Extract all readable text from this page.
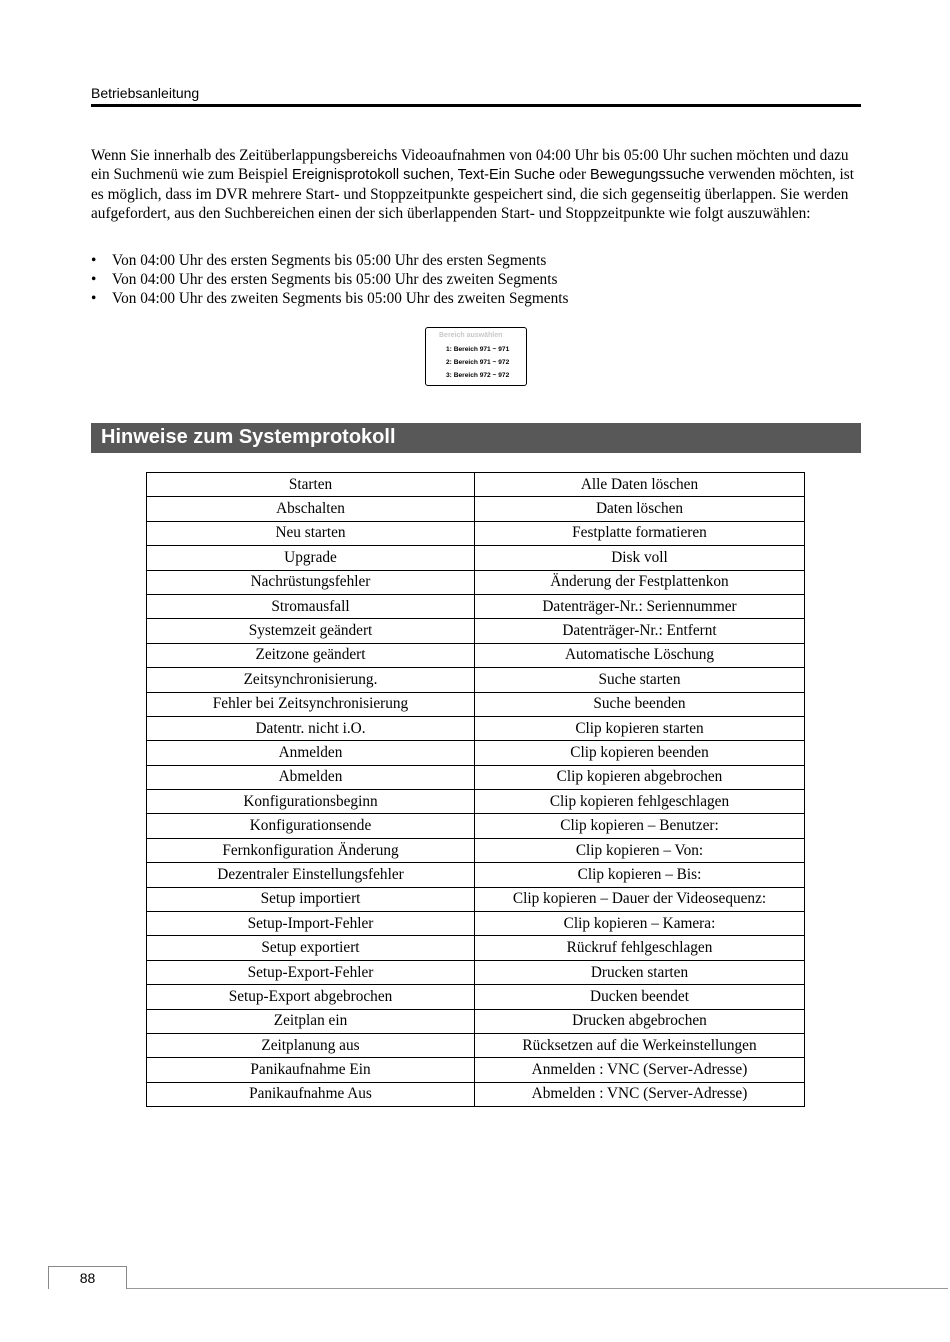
Betriebsanleitung
Wenn Sie innerhalb des Zeitüberlappungsbereichs Videoaufnahmen von 04:00 Uhr bis 05:00 Uhr suchen möchten und dazu ein Suchmenü wie zum Beispiel Ereignisprotokoll suchen, Text-Ein Suche oder Bewegungssuche verwenden möchten, ist es möglich, dass im DVR mehrere Start- und Stoppzeitpunkte gespeichert sind, die sich gegenseitig überlappen. Sie werden aufgefordert, aus den Suchbereichen einen der sich überlappenden Start- und Stoppzeitpunkte wie folgt auszuwählen:
• Von 04:00 Uhr des ersten Segments bis 05:00 Uhr des ersten Segments
• Von 04:00 Uhr des ersten Segments bis 05:00 Uhr des zweiten Segments
• Von 04:00 Uhr des zweiten Segments bis 05:00 Uhr des zweiten Segments
Bereich auswählen
1: Bereich 971 ~ 971
2: Bereich 971 ~ 972
3: Bereich 972 ~ 972
Hinweise zum Systemprotokoll
Starten	Alle Daten löschen
Abschalten	Daten löschen
Neu starten	Festplatte formatieren
Upgrade	Disk voll
Nachrüstungsfehler	Änderung der Festplattenkon
Stromausfall	Datenträger-Nr.: Seriennummer
Systemzeit geändert	Datenträger-Nr.: Entfernt
Zeitzone geändert	Automatische Löschung
Zeitsynchronisierung.	Suche starten
Fehler bei Zeitsynchronisierung	Suche beenden
Datentr. nicht i.O.	Clip kopieren starten
Anmelden	Clip kopieren beenden
Abmelden	Clip kopieren abgebrochen
Konfigurationsbeginn	Clip kopieren fehlgeschlagen
Konfigurationsende	Clip kopieren – Benutzer:
Fernkonfiguration Änderung	Clip kopieren – Von:
Dezentraler Einstellungsfehler	Clip kopieren – Bis:
Setup importiert	Clip kopieren – Dauer der Videosequenz:
Setup-Import-Fehler	Clip kopieren – Kamera:
Setup exportiert	Rückruf fehlgeschlagen
Setup-Export-Fehler	Drucken starten
Setup-Export abgebrochen	Ducken beendet
Zeitplan ein	Drucken abgebrochen
Zeitplanung aus	Rücksetzen auf die Werkeinstellungen
Panikaufnahme Ein	Anmelden : VNC (Server-Adresse)
Panikaufnahme Aus	Abmelden : VNC (Server-Adresse)
88
